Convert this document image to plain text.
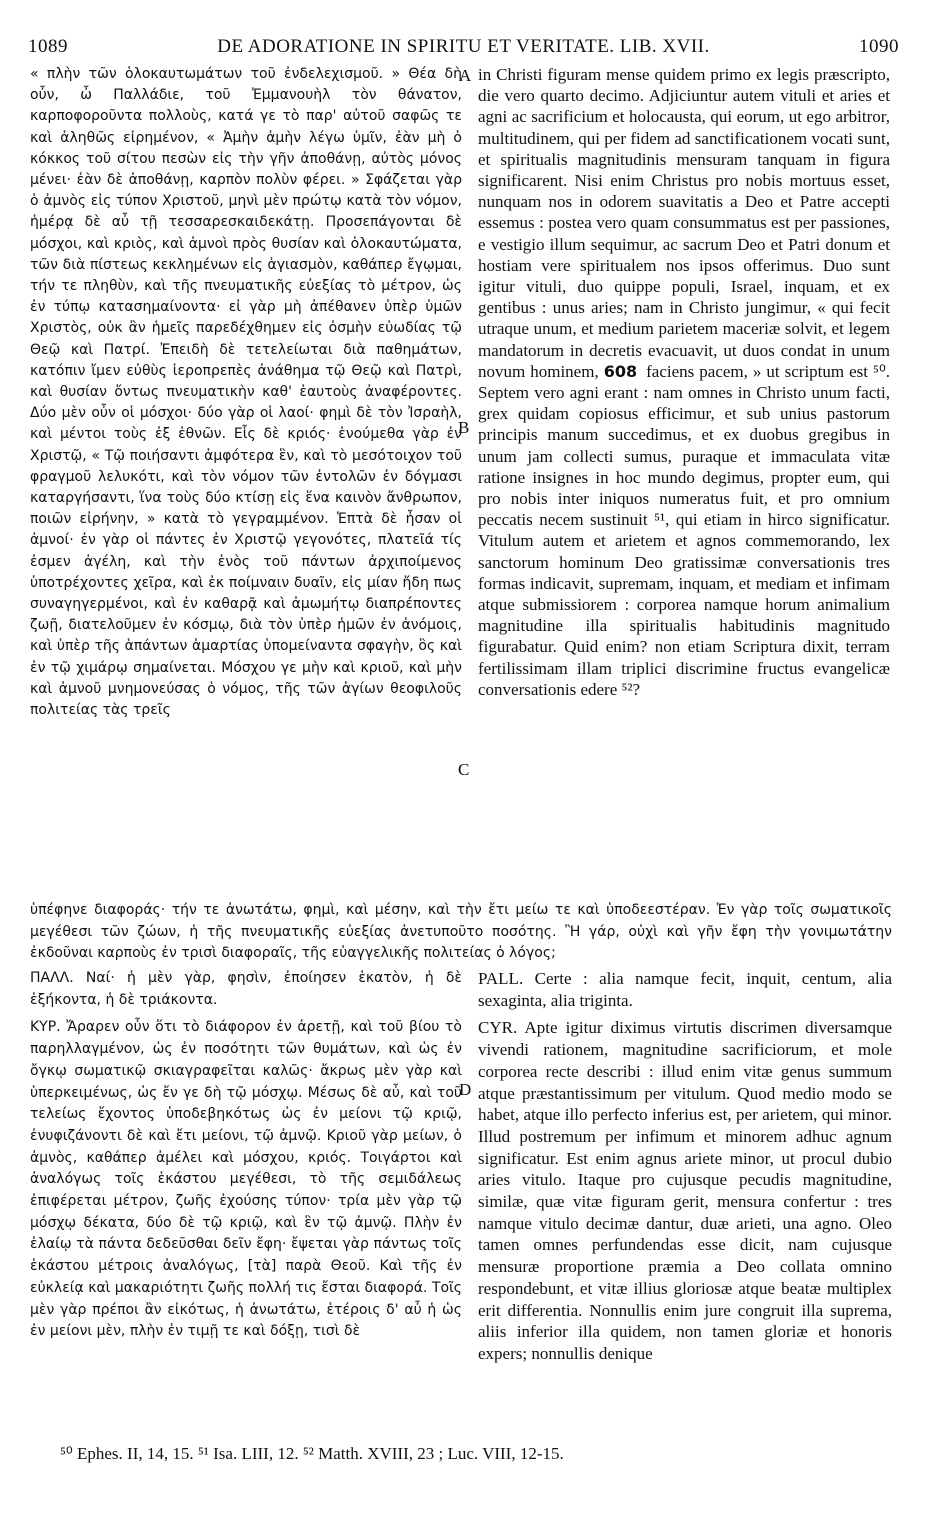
1089	DE ADORATIONE IN SPIRITU ET VERITATE. LIB. XVII.	1090

« πλὴν τῶν ὁλοκαυτωμάτων τοῦ ἐνδελεχισμοῦ. » Θέα δὴ οὖν, ὦ Παλλάδιε, τοῦ Ἐμμανουὴλ τὸν θάνατον, καρποφοροῦντα πολλοὺς, κατά γε τὸ παρ' αὐτοῦ σαφῶς τε καὶ ἀληθῶς εἰρημένον, « Ἀμὴν ἀμὴν λέγω ὑμῖν, ἐὰν μὴ ὁ κόκκος τοῦ σίτου πεσὼν εἰς τὴν γῆν ἀποθάνῃ, αὐτὸς μόνος μένει· ἐὰν δὲ ἀποθάνῃ, καρπὸν πολὺν φέρει. » Σφάζεται γὰρ ὁ ἀμνὸς εἰς τύπον Χριστοῦ, μηνὶ μὲν πρώτῳ κατὰ τὸν νόμον, ἡμέρᾳ δὲ αὖ τῇ τεσσαρεσκαιδεκάτῃ. Προσεπάγονται δὲ μόσχοι, καὶ κριὸς, καὶ ἀμνοὶ πρὸς θυσίαν καὶ ὁλοκαυτώματα, τῶν διὰ πίστεως κεκλημένων εἰς ἁγιασμὸν, καθάπερ ἔγῳμαι, τήν τε πληθὺν, καὶ τῆς πνευματικῆς εὐεξίας τὸ μέτρον, ὡς ἐν τύπῳ κατασημαίνοντα· εἰ γὰρ μὴ ἀπέθανεν ὑπὲρ ὑμῶν Χριστὸς, οὐκ ἂν ἡμεῖς παρεδέχθημεν εἰς ὀσμὴν εὐωδίας τῷ Θεῷ καὶ Πατρί. Ἐπειδὴ δὲ τετελείωται διὰ παθημάτων, κατόπιν ἴμεν εὐθὺς ἱεροπρεπὲς ἀνάθημα τῷ Θεῷ καὶ Πατρὶ, καὶ θυσίαν ὄντως πνευματικὴν καθ' ἑαυτοὺς ἀναφέροντες. Δύο μὲν οὖν οἱ μόσχοι· δύο γὰρ οἱ λαοί· φημὶ δὲ τὸν Ἰσραὴλ, καὶ μέντοι τοὺς ἐξ ἐθνῶν. Εἷς δὲ κριός· ἑνούμεθα γὰρ ἐν Χριστῷ, « Τῷ ποιήσαντι ἀμφότερα ἓν, καὶ τὸ μεσότοιχον τοῦ φραγμοῦ λελυκότι, καὶ τὸν νόμον τῶν ἐντολῶν ἐν δόγμασι καταργήσαντι, ἵνα τοὺς δύο κτίσῃ εἰς ἕνα καινὸν ἄνθρωπον, ποιῶν εἰρήνην, » κατὰ τὸ γεγραμμένον. Ἑπτὰ δὲ ἦσαν οἱ ἀμνοί· ἐν γὰρ οἱ πάντες ἐν Χριστῷ γεγονότες, πλατεῖά τίς ἐσμεν ἀγέλη, καὶ τὴν ἑνὸς τοῦ πάντων ἀρχιποίμενος ὑποτρέχοντες χεῖρα, καὶ ἐκ ποίμναιν δυαῖν, εἰς μίαν ἤδη πως συναγηγερμένοι, καὶ ἐν καθαρᾷ καὶ ἀμωμήτῳ διαπρέποντες ζωῇ, διατελοῦμεν ἐν κόσμῳ, διὰ τὸν ὑπὲρ ἡμῶν ἐν ἀνόμοις, καὶ ὑπὲρ τῆς ἁπάντων ἁμαρτίας ὑπομείναντα σφαγὴν, ὃς καὶ ἐν τῷ χιμάρῳ σημαίνεται. Μόσχου γε μὴν καὶ κριοῦ, καὶ μὴν καὶ ἀμνοῦ μνημονεύσας ὁ νόμος, τῆς τῶν ἁγίων θεοφιλοῦς πολιτείας τὰς τρεῖς

A
B
C
D

in Christi figuram mense quidem primo ex legis præscripto, die vero quarto decimo. Adjiciuntur autem vituli et aries et agni ac sacrificium et holocausta, qui eorum, ut ego arbitror, multitudinem, qui per fidem ad sanctificationem vocati sunt, et spiritualis magnitudinis mensuram tanquam in figura significarent. Nisi enim Christus pro nobis mortuus esset, nunquam nos in odorem suavitatis a Deo et Patre accepti essemus : postea vero quam consummatus est per passiones, e vestigio illum sequimur, ac sacrum Deo et Patri donum et hostiam vere spiritualem nos ipsos offerimus. Duo sunt igitur vituli, duo quippe populi, Israel, inquam, et ex gentibus : unus aries; nam in Christo jungimur, « qui fecit utraque unum, et medium parietem maceriæ solvit, et legem mandatorum in decretis evacuavit, ut duos condat in unum novum hominem, 608 faciens pacem, » ut scriptum est ⁵⁰. Septem vero agni erant : nam omnes in Christo unum facti, grex quidam copiosus efficimur, et sub unius pastorum principis manum succedimus, et ex duobus gregibus in unum jam collecti sumus, puraque et immaculata vitæ ratione insignes in hoc mundo degimus, propter eum, qui pro nobis inter iniquos numeratus fuit, et pro omnium peccatis necem sustinuit ⁵¹, qui etiam in hirco significatur. Vitulum autem et arietem et agnos commemorando, lex sanctorum hominum Deo gratissimæ conversationis tres formas indicavit, supremam, inquam, et mediam et infimam atque submissiorem : corporea namque horum animalium magnitudine illa spiritualis habitudinis magnitudo figurabatur. Quid enim? non etiam Scriptura dixit, terram fertilissimam illam triplici discrimine fructus evangelicæ conversationis edere ⁵²?

ὑπέφηνε διαφοράς· τήν τε ἀνωτάτω, φημὶ, καὶ μέσην, καὶ τὴν ἔτι μείω τε καὶ ὑποδεεστέραν. Ἐν γὰρ τοῖς σωματικοῖς μεγέθεσι τῶν ζώων, ἡ τῆς πνευματικῆς εὐεξίας ἀνετυποῦτο ποσότης. Ἢ γάρ, οὐχὶ καὶ γῆν ἔφη τὴν γονιμωτάτην ἐκδοῦναι καρποὺς ἐν τρισὶ διαφοραῖς, τῆς εὐαγγελικῆς πολιτείας ὁ λόγος;

ΠΑΛΛ. Ναί· ἡ μὲν γὰρ, φησὶν, ἐποίησεν ἑκατὸν, ἡ δὲ ἑξήκοντα, ἡ δὲ τριάκοντα.

ΚΥΡ. Ἄραρεν οὖν ὅτι τὸ διάφορον ἐν ἀρετῇ, καὶ τοῦ βίου τὸ παρηλλαγμένον, ὡς ἐν ποσότητι τῶν θυμάτων, καὶ ὡς ἐν ὄγκῳ σωματικῷ σκιαγραφεῖται καλῶς· ἄκρως μὲν γὰρ καὶ ὑπερκειμένως, ὡς ἔν γε δὴ τῷ μόσχῳ. Μέσως δὲ αὖ, καὶ τοῦ τελείως ἔχοντος ὑποδεβηκότως ὡς ἐν μείονι τῷ κριῷ, ἐνυφιζάνοντι δὲ καὶ ἔτι μείονι, τῷ ἀμνῷ. Κριοῦ γὰρ μείων, ὁ ἀμνὸς, καθάπερ ἀμέλει καὶ μόσχου, κριός. Τοιγάρτοι καὶ ἀναλόγως τοῖς ἑκάστου μεγέθεσι, τὸ τῆς σεμιδάλεως ἐπιφέρεται μέτρον, ζωῆς ἐχούσης τύπον· τρία μὲν γὰρ τῷ μόσχῳ δέκατα, δύο δὲ τῷ κριῷ, καὶ ἓν τῷ ἀμνῷ. Πλὴν ἐν ἐλαίῳ τὰ πάντα δεδεῦσθαι δεῖν ἔφη· ἔψεται γὰρ πάντως τοῖς ἑκάστου μέτροις ἀναλόγως, [τὰ] παρὰ Θεοῦ. Καὶ τῆς ἐν εὐκλείᾳ καὶ μακαριότητι ζωῆς πολλή τις ἔσται διαφορά. Τοῖς μὲν γὰρ πρέποι ἂν εἰκότως, ἡ ἀνωτάτω, ἑτέροις δ' αὖ ἡ ὡς ἐν μείονι μὲν, πλὴν ἐν τιμῇ τε καὶ δόξῃ, τισὶ δὲ

PALL. Certe : alia namque fecit, inquit, centum, alia sexaginta, alia triginta.

CYR. Apte igitur diximus virtutis discrimen diversamque vivendi rationem, magnitudine sacrificiorum, et mole corporea recte describi : illud enim vitæ genus summum atque præstantissimum per vitulum. Quod medio modo se habet, atque illo perfecto inferius est, per arietem, qui minor. Illud postremum per infimum et minorem adhuc agnum significatur. Est enim agnus ariete minor, ut procul dubio aries vitulo. Itaque pro cujusque pecudis magnitudine, similæ, quæ vitæ figuram gerit, mensura confertur : tres namque vitulo decimæ dantur, duæ arieti, una agno. Oleo tamen omnes perfundendas esse dicit, nam cujusque mensuræ proportione præmia a Deo collata omnino respondebunt, et vitæ illius gloriosæ atque beatæ multiplex erit differentia. Nonnullis enim jure congruit illa suprema, aliis inferior illa quidem, non tamen gloriæ et honoris expers; nonnullis denique

⁵⁰ Ephes. II, 14, 15. ⁵¹ Isa. LIII, 12. ⁵² Matth. XVIII, 23 ; Luc. VIII, 12-15.
